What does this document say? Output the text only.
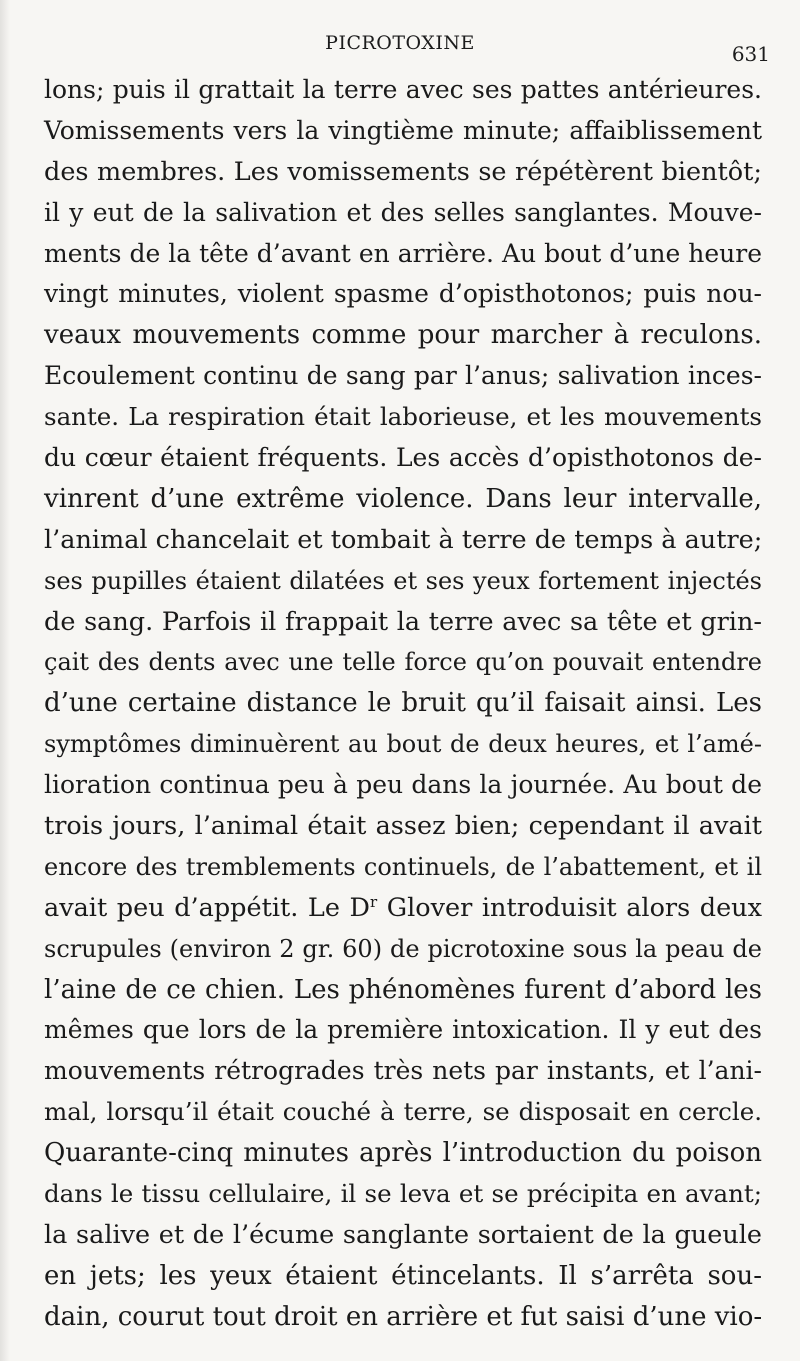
PICROTOXINE	631
lons; puis il grattait la terre avec ses pattes antérieures.
Vomissements vers la vingtième minute; affaiblissement
des membres. Les vomissements se répétèrent bientôt;
il y eut de la salivation et des selles sanglantes. Mouve-
ments de la tête d’avant en arrière. Au bout d’une heure
vingt minutes, violent spasme d’opisthotonos; puis nou-
veaux mouvements comme pour marcher à reculons.
Ecoulement continu de sang par l’anus; salivation inces-
sante. La respiration était laborieuse, et les mouvements
du cœur étaient fréquents. Les accès d’opisthotonos de-
vinrent d’une extrême violence. Dans leur intervalle,
l’animal chancelait et tombait à terre de temps à autre;
ses pupilles étaient dilatées et ses yeux fortement injectés
de sang. Parfois il frappait la terre avec sa tête et grin-
çait des dents avec une telle force qu’on pouvait entendre
d’une certaine distance le bruit qu’il faisait ainsi. Les
symptômes diminuèrent au bout de deux heures, et l’amé-
lioration continua peu à peu dans la journée. Au bout de
trois jours, l’animal était assez bien; cependant il avait
encore des tremblements continuels, de l’abattement, et il
avait peu d’appétit. Le $D^r$ Glover introduisit alors deux
scrupules (environ 2 gr. 60) de picrotoxine sous la peau de
l’aine de ce chien. Les phénomènes furent d’abord les
mêmes que lors de la première intoxication. Il y eut des
mouvements rétrogrades très nets par instants, et l’ani-
mal, lorsqu’il était couché à terre, se disposait en cercle.
Quarante-cinq minutes après l’introduction du poison
dans le tissu cellulaire, il se leva et se précipita en avant;
la salive et de l’écume sanglante sortaient de la gueule
en jets; les yeux étaient étincelants. Il s’arrêta sou-
dain, courut tout droit en arrière et fut saisi d’une vio-
